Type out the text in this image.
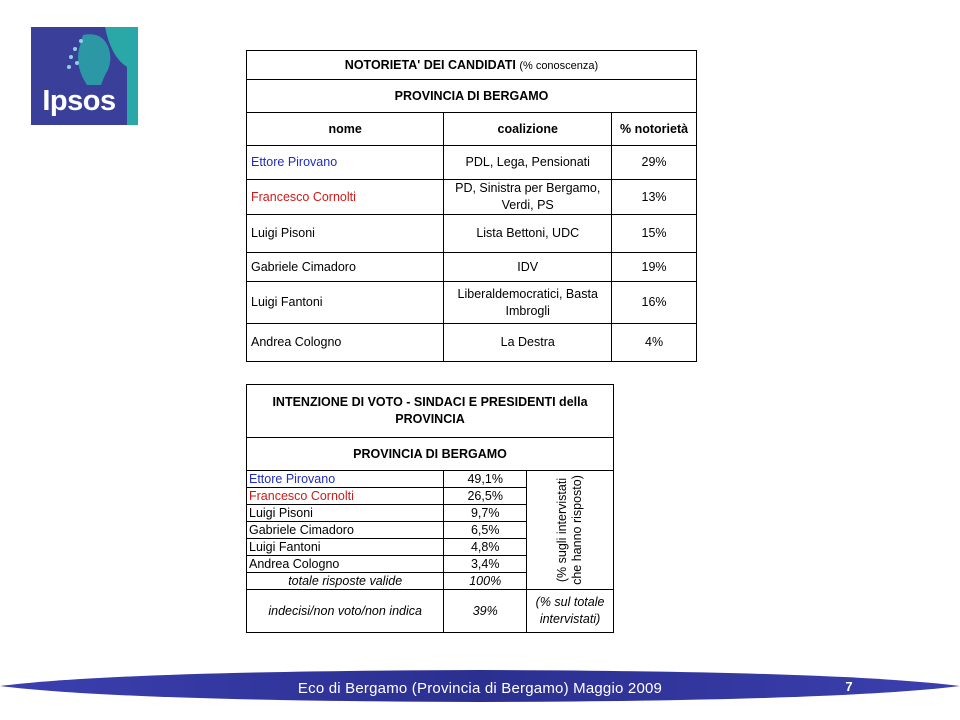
Ipsos
NOTORIETA' DEI CANDIDATI (% conoscenza)		
PROVINCIA DI BERGAMO		
nome	coalizione	% notorietà
Ettore Pirovano	PDL, Lega, Pensionati	29%
Francesco Cornolti	PD, Sinistra per Bergamo, Verdi, PS	13%
Luigi Pisoni	Lista Bettoni, UDC	15%
Gabriele Cimadoro	IDV	19%
Luigi Fantoni	Liberaldemocratici, Basta Imbrogli	16%
Andrea Cologno	La Destra	4%
INTENZIONE DI VOTO - SINDACI E PRESIDENTI della PROVINCIA		
PROVINCIA DI BERGAMO		
Ettore Pirovano	49,1%	(% sugli intervistati che hanno risposto)

Francesco Cornolti	26,5%	
Luigi Pisoni	9,7%	
Gabriele Cimadoro	6,5%	
Luigi Fantoni	4,8%	
Andrea Cologno	3,4%	
totale risposte valide	100%	
indecisi/non voto/non indica	39%	(% sul totale intervistati)
Eco di Bergamo (Provincia di Bergamo) Maggio 2009	7
